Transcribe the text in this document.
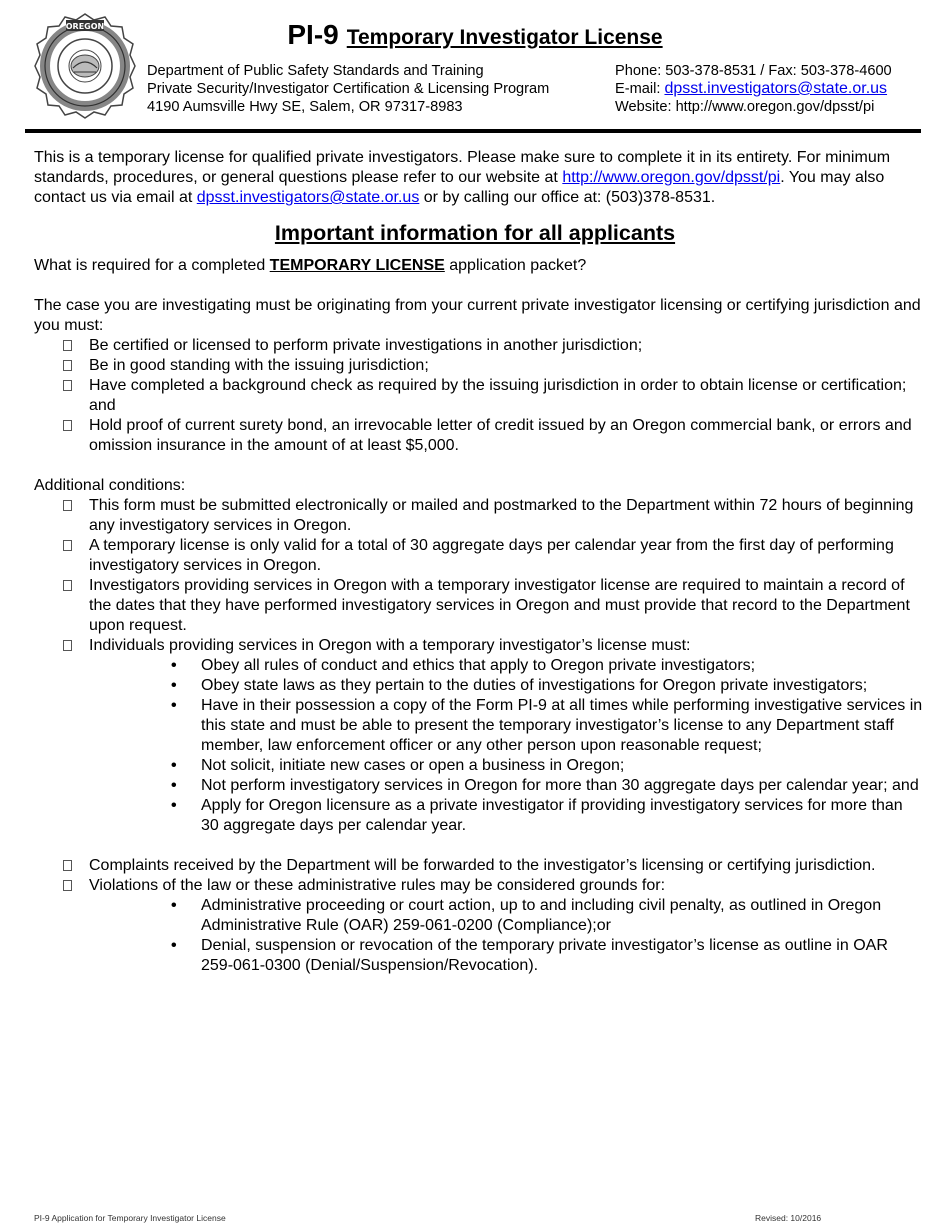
OREGON	PI-9 Temporary Investigator License
Department of Public Safety Standards and Training
Private Security/Investigator Certification & Licensing Program
4190 Aumsville Hwy SE, Salem, OR 97317-8983
Phone: 503-378-8531 / Fax: 503-378-4600
E-mail: dpsst.investigators@state.or.us
Website: http://www.oregon.gov/dpsst/pi
This is a temporary license for qualified private investigators. Please make sure to complete it in its entirety. For minimum standards, procedures, or general questions please refer to our website at http://www.oregon.gov/dpsst/pi. You may also contact us via email at dpsst.investigators@state.or.us or by calling our office at: (503)378-8531.
Important information for all applicants
What is required for a completed TEMPORARY LICENSE application packet?

The case you are investigating must be originating from your current private investigator licensing or certifying jurisdiction and you must:

Be certified or licensed to perform private investigations in another jurisdiction;
Be in good standing with the issuing jurisdiction;
Have completed a background check as required by the issuing jurisdiction in order to obtain license or certification; and
Hold proof of current surety bond, an irrevocable letter of credit issued by an Oregon commercial bank, or errors and omission insurance in the amount of at least $5,000.

Additional conditions:

This form must be submitted electronically or mailed and postmarked to the Department within 72 hours of beginning any investigatory services in Oregon.
A temporary license is only valid for a total of 30 aggregate days per calendar year from the first day of performing investigatory services in Oregon.
Investigators providing services in Oregon with a temporary investigator license are required to maintain a record of the dates that they have performed investigatory services in Oregon and must provide that record to the Department upon request.
Individuals providing services in Oregon with a temporary investigator’s license must:
• Obey all rules of conduct and ethics that apply to Oregon private investigators;
• Obey state laws as they pertain to the duties of investigations for Oregon private investigators;
• Have in their possession a copy of the Form PI-9 at all times while performing investigative services in this state and must be able to present the temporary investigator’s license to any Department staff member, law enforcement officer or any other person upon reasonable request;
• Not solicit, initiate new cases or open a business in Oregon;
• Not perform investigatory services in Oregon for more than 30 aggregate days per calendar year; and
• Apply for Oregon licensure as a private investigator if providing investigatory services for more than 30 aggregate days per calendar year.
Complaints received by the Department will be forwarded to the investigator’s licensing or certifying jurisdiction.
Violations of the law or these administrative rules may be considered grounds for:
• Administrative proceeding or court action, up to and including civil penalty, as outlined in Oregon Administrative Rule (OAR) 259-061-0200 (Compliance);or
• Denial, suspension or revocation of the temporary private investigator’s license as outline in OAR 259-061-0300 (Denial/Suspension/Revocation).
PI-9 Application for Temporary Investigator License	Revised: 10/2016
